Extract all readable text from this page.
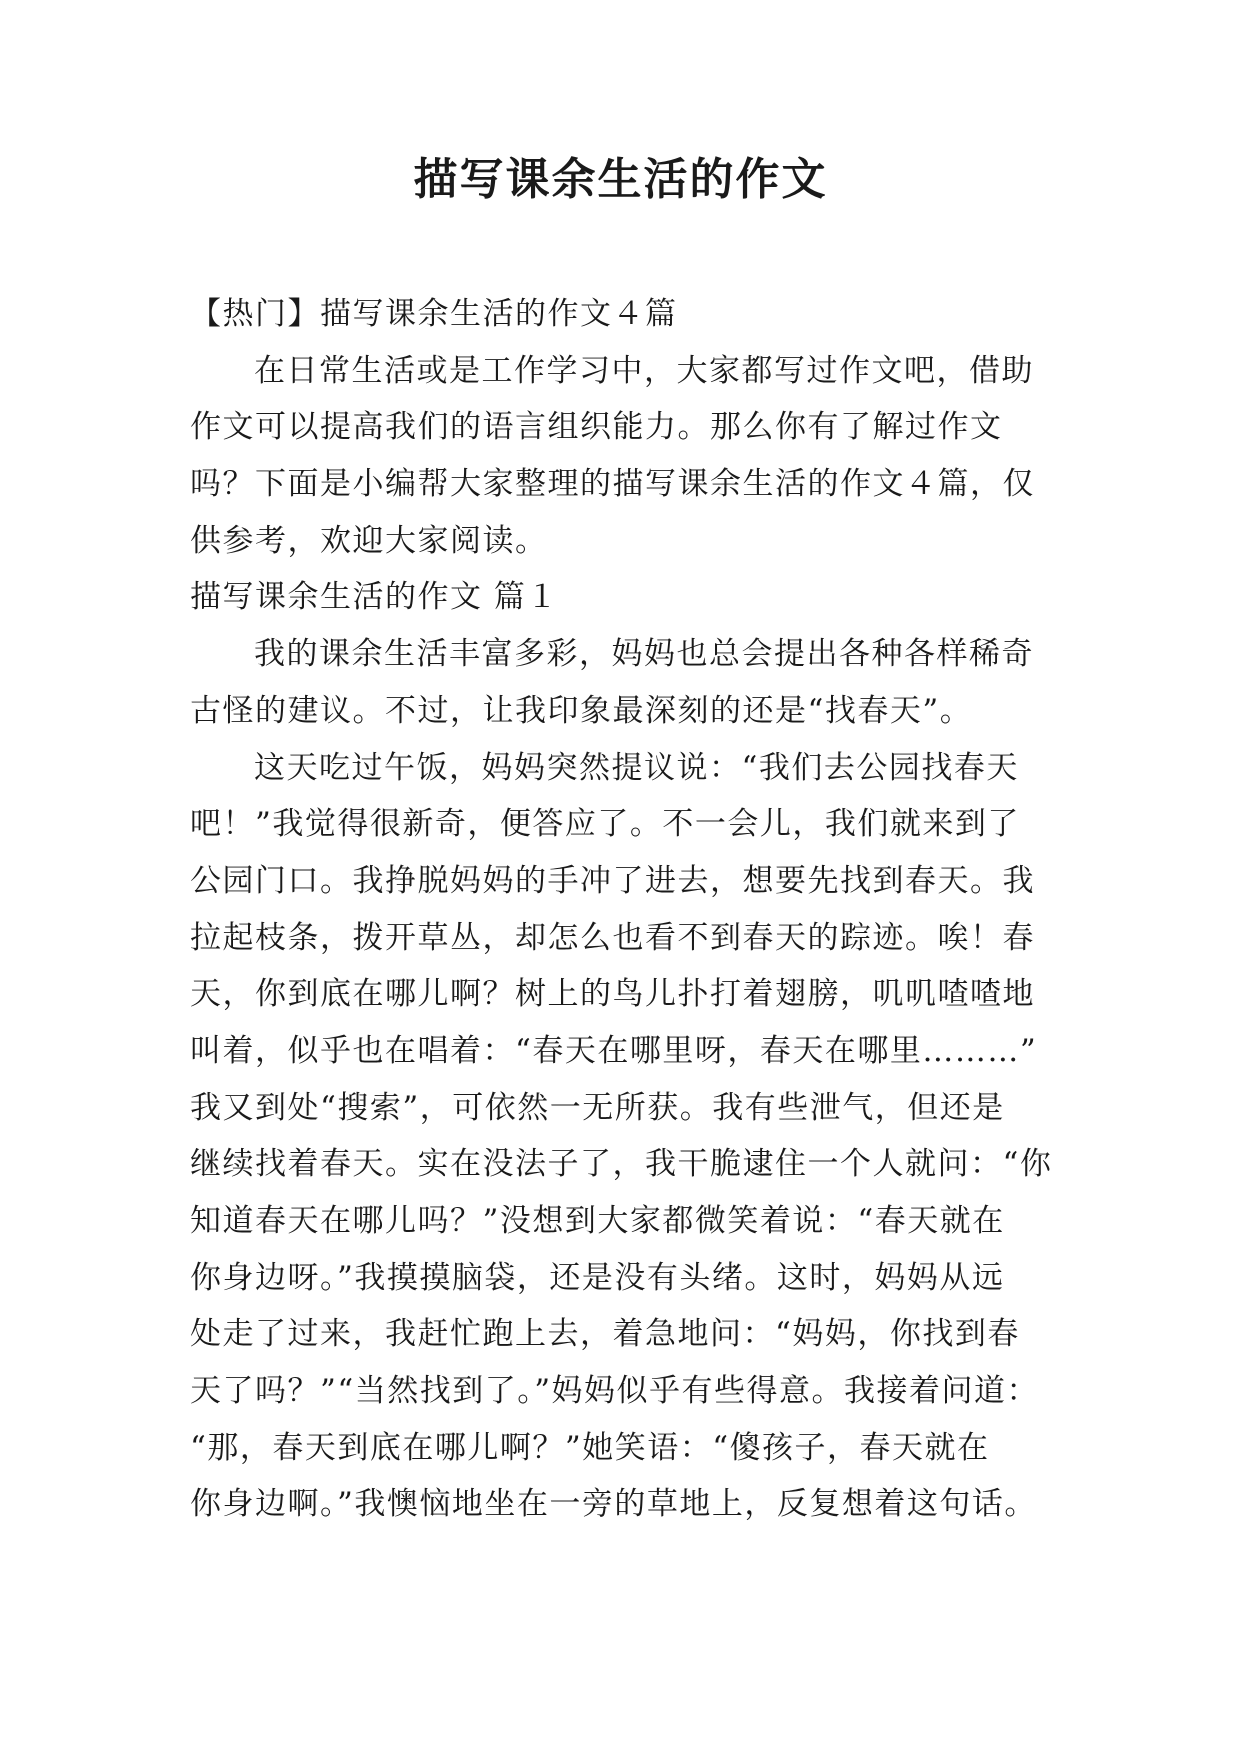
描写课余生活的作文
【热门】描写课余生活的作文４篇
在日常生活或是工作学习中，大家都写过作文吧，借助
作文可以提高我们的语言组织能力。那么你有了解过作文
吗？下面是小编帮大家整理的描写课余生活的作文４篇，仅
供参考，欢迎大家阅读。
描写课余生活的作文 篇１
我的课余生活丰富多彩，妈妈也总会提出各种各样稀奇
古怪的建议。不过，让我印象最深刻的还是“找春天”。
这天吃过午饭，妈妈突然提议说：“我们去公园找春天
吧！”我觉得很新奇，便答应了。不一会儿，我们就来到了
公园门口。我挣脱妈妈的手冲了进去，想要先找到春天。我
拉起枝条，拨开草丛，却怎么也看不到春天的踪迹。唉！春
天，你到底在哪儿啊？树上的鸟儿扑打着翅膀，叽叽喳喳地
叫着，似乎也在唱着：“春天在哪里呀，春天在哪里………”
我又到处“搜索”，可依然一无所获。我有些泄气，但还是
继续找着春天。实在没法子了，我干脆逮住一个人就问：“你
知道春天在哪儿吗？”没想到大家都微笑着说：“春天就在
你身边呀。”我摸摸脑袋，还是没有头绪。这时，妈妈从远
处走了过来，我赶忙跑上去，着急地问：“妈妈，你找到春
天了吗？”“当然找到了。”妈妈似乎有些得意。我接着问道：
“那，春天到底在哪儿啊？”她笑语：“傻孩子，春天就在
你身边啊。”我懊恼地坐在一旁的草地上，反复想着这句话。
